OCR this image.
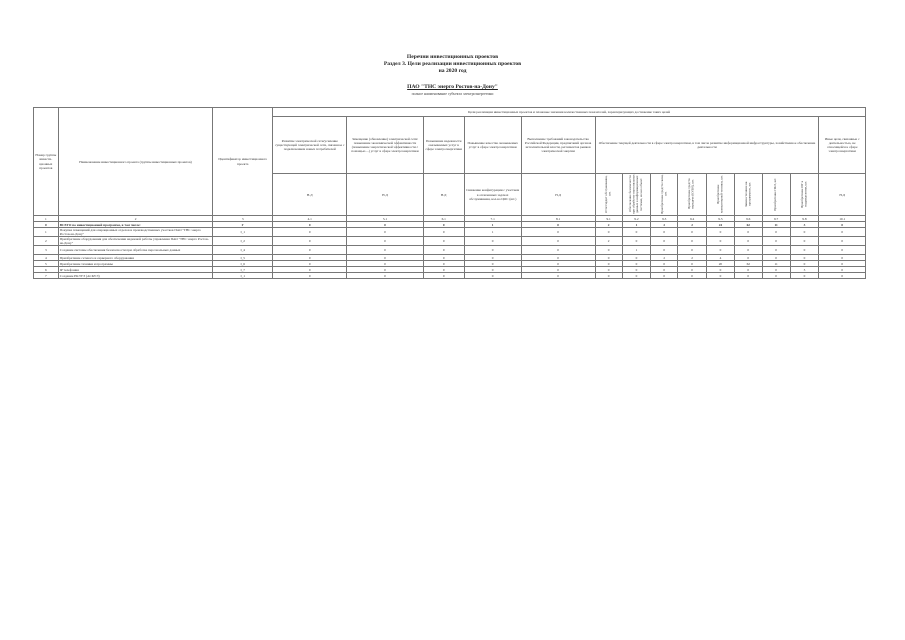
Перечни инвестиционных проектов
Раздел 3. Цели реализации инвестиционных проектов
на 2020 год
ПАО "ТНС энерго Ростов-на-Дону"
полное наименование субъекта электроэнергетики
Номер группы инвести-ционных проектов	Наименование инвестиционного проекта (группы инвестиционных проектов)	Идентификатор инвестиционного проекта	Цели реализации инвестиционных проектов и плановые значения количественных показателей, характеризующих достижение таких целей													
			Развитие электрической сети/усиление существующей электрической сети, связанное с подключением новых потребителей	Замещение (обновление) электрической сети/повышение экономической эффективности (повышение энергетической эффективности с помощью ...) услуг в сфере электроэнергетики	Повышение надежности оказываемых услуг в сфере электроэнергетики	Повышение качества оказываемых услуг в сфере электроэнергетики	Выполнение требований законодательства Российской Федерации, предписаний органов исполнительной власти, регламентов рынков электрической энергии	Обеспечение текущей деятельности в сфере электроэнергетики, в том числе развитие информационной инфраструктуры, хозяйственное обеспечение деятельности								Иные цели, связанные с деятельностью, не относящейся к сфере электроэнергетики
			Н.Д	Н.Д	Н.Д	Снижение конфигурации с участием в оплаченных задачах обслуживания, кол-во ЦОС (шт.)	Н.Д	Отчет/аудит обслуживания, шт.	Обеспечение безопасности при обработке персональных данных в информационных системах, кол-во объект.	Приобретение средств связи, шт.	Приобретение средств передачи (КУБИ), шт.	Приобретение компьютерной техники, шт.	Замена техники на программное, шт.	Приобретение ПКЭ, шт.	Приобретение ИУ в подразделения, шт.	Н.Д
1	2	3	4.1	5.1	6.1	7.1	8.1	9.1	9.2	9.3	9.4	9.5	9.6	9.7	9.8	10.1
0	ВСЕГО по инвестиционной программе, в том числе:	Г	0	0	0	1	0	2	1	2	2	24	62	11	3	0
1	Покупка помещений для операционных отделов и производственных участков ПАО "ТНС энерго Ростов-на-Дону"	I_1	0	0	0	1	0	0	0	0	0	0	0	0	0	0
2	Приобретение оборудования для обеспечения надежной работы управления ПАО "ТНС энерго Ростов-на-Дону"	I_2	0	0	0	0	0	2	0	0	0	0	0	0	0	0
3	Создание системы обеспечения безопасности при обработке персональных данных	I_4	0	0	0	0	0	0	1	0	0	0	0	0	0	0
4	Приобретение сетевого и серверного оборудования	I_5	0	0	0	0	0	0	0	2	2	4	0	0	0	0
5	Приобретение техники и программы	I_6	0	0	0	0	0	0	0	0	0	20	62	11	0	0
6	IP телефония	I_7	0	0	0	0	0	0	0	0	0	0	0	0	3	0
7	Создание РКЭУЭ (АСКУЭ)	I_1	0	0	0	0	0	0	0	0	0	0	0	0	0	0
